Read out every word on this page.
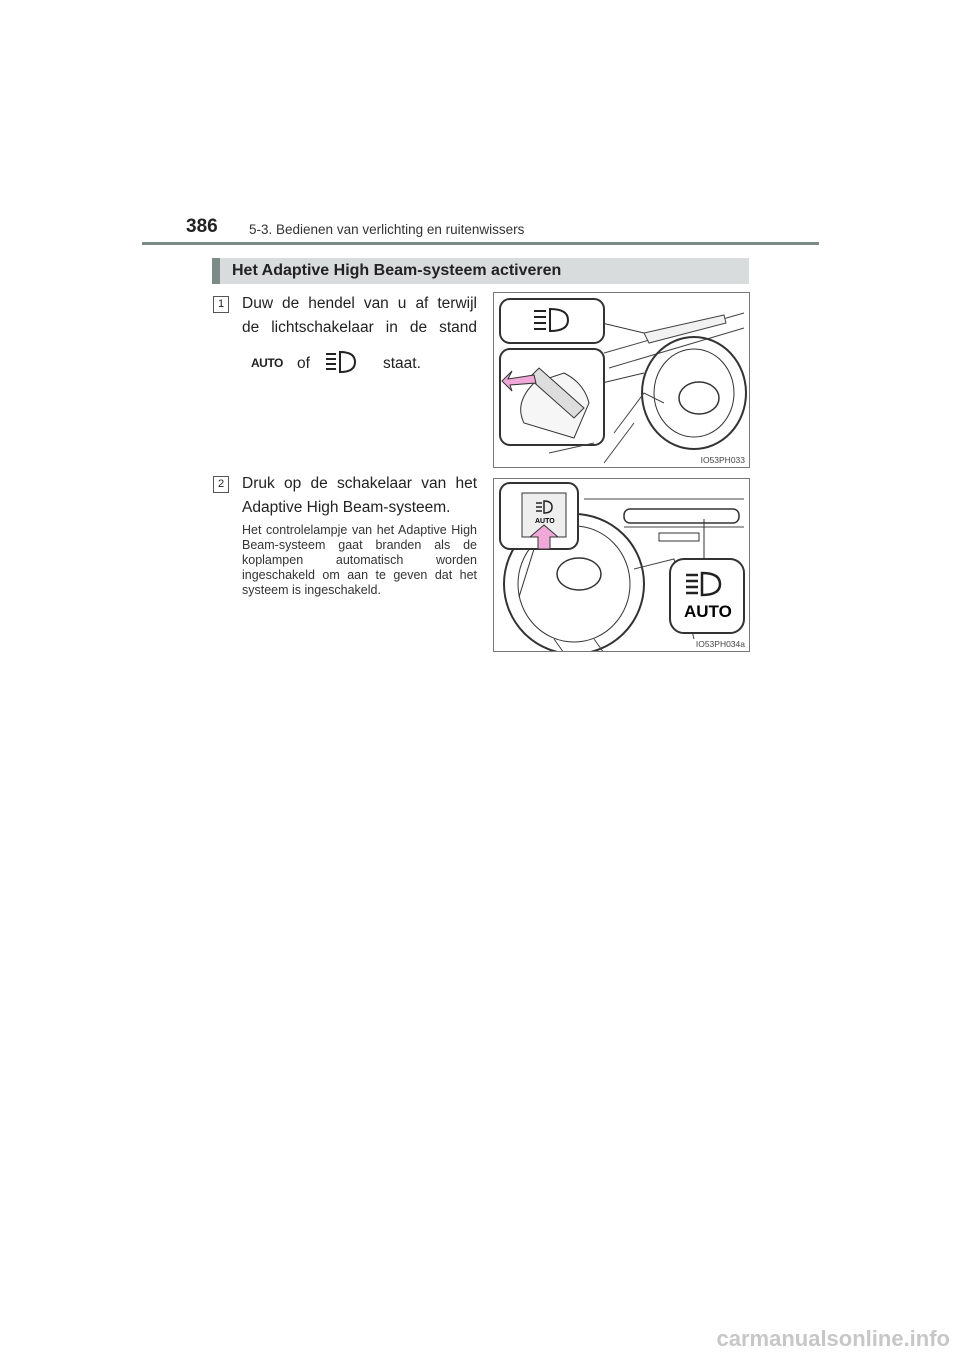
386 5-3. Bedienen van verlichting en ruitenwissers
Het Adaptive High Beam-systeem activeren
1	Duw de hendel van u af terwijl
de lichtschakelaar in de stand
AUTO of	staat.
IO53PH033
2	Druk op de schakelaar van het Adaptive High Beam-systeem.
Het controlelampje van het Adaptive High Beam-systeem gaat branden als de koplampen automatisch worden ingeschakeld om aan te geven dat het systeem is ingeschakeld.
AUTO
AUTO
IO53PH034a
carmanualsonline.info
